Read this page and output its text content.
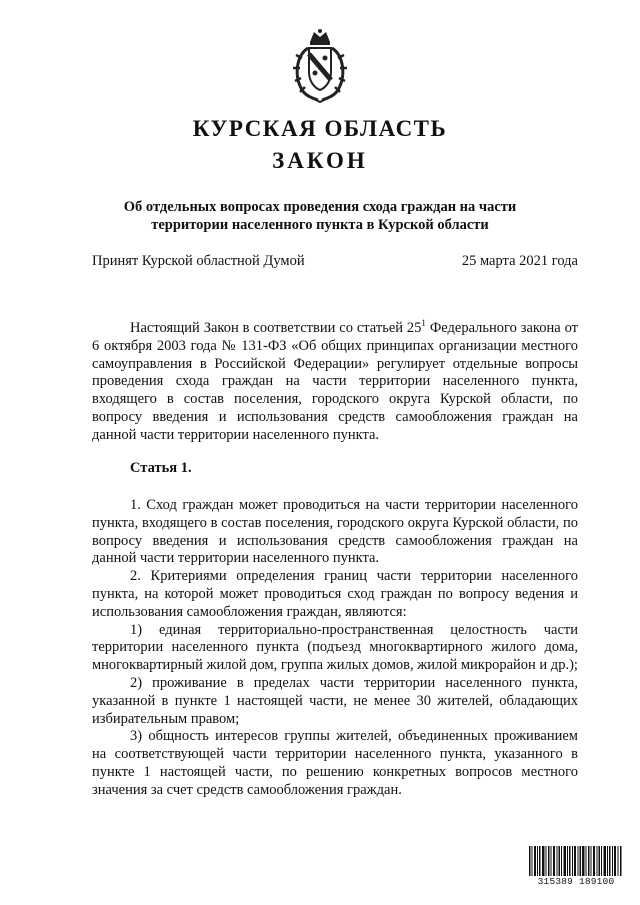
КУРСКАЯ ОБЛАСТЬ
ЗАКОН
Об отдельных вопросах проведения схода граждан на части территории населенного пункта в Курской области
Принят Курской областной Думой	25 марта 2021 года

Настоящий Закон в соответствии со статьей $25^1$ Федерального закона от 6 октября 2003 года № 131-ФЗ «Об общих принципах организации местного самоуправления в Российской Федерации» регулирует отдельные вопросы проведения схода граждан на части территории населенного пункта, входящего в состав поселения, городского округа Курской области, по вопросу введения и использования средств самообложения граждан на данной части территории населенного пункта.

Статья 1.

1. Сход граждан может проводиться на части территории населенного пункта, входящего в состав поселения, городского округа Курской области, по вопросу введения и использования средств самообложения граждан на данной части территории населенного пункта.

2. Критериями определения границ части территории населенного пункта, на которой может проводиться сход граждан по вопросу ведения и использования самообложения граждан, являются:

1) единая территориально-пространственная целостность части территории населенного пункта (подъезд многоквартирного жилого дома, многоквартирный жилой дом, группа жилых домов, жилой микрорайон и др.);

2) проживание в пределах части территории населенного пункта, указанной в пункте 1 настоящей части, не менее 30 жителей, обладающих избирательным правом;

3) общность интересов группы жителей, объединенных проживанием на соответствующей части территории населенного пункта, указанного в пункте 1 настоящей части, по решению конкретных вопросов местного значения за счет средств самообложения граждан.

315389 189100
